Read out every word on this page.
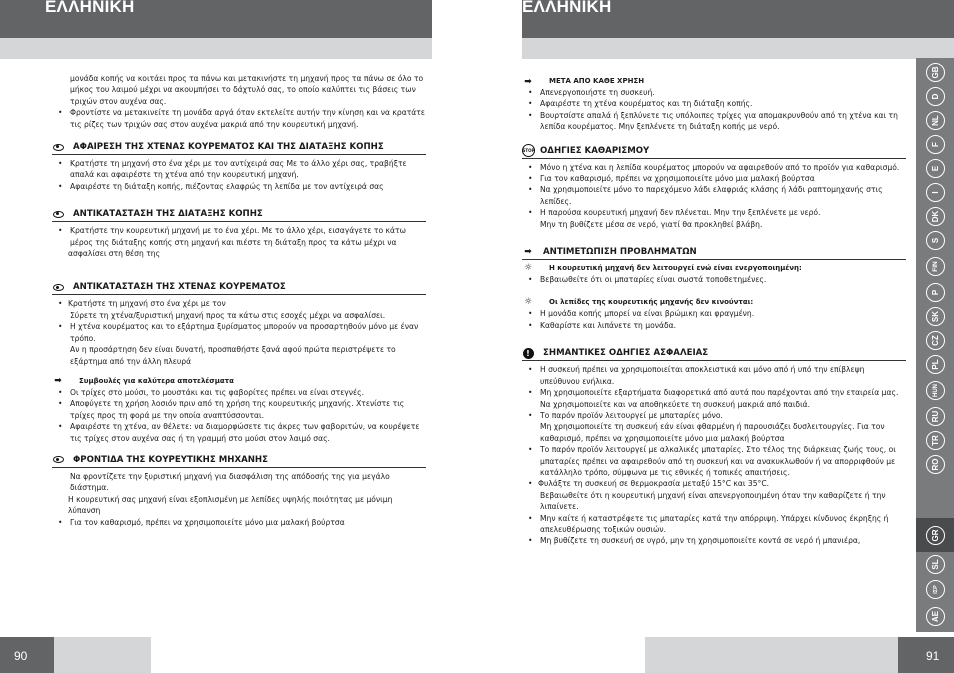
ΕΛΛΗΝΙΚΗ	ΕΛΛΗΝΙΚΗ

μονάδα κοπής να κοιτάει προς τα πάνω και μετακινήστε τη μηχανή προς τα πάνω σε όλο το μήκος του λαιμού μέχρι να ακουμπήσει το δάχτυλό σας, το οποίο καλύπτει τις βάσεις των τριχών στον αυχένα σας.

• Φροντίστε να μετακινείτε τη μονάδα αργά όταν εκτελείτε αυτήν την κίνηση και να κρατάτε τις ρίζες των τριχών σας στον αυχένα μακριά από την κουρευτική μηχανή.

ΑΦΑΙΡΕΣΗ ΤΗΣ ΧΤΕΝΑΣ ΚΟΥΡΕΜΑΤΟΣ ΚΑΙ ΤΗΣ ΔΙΑΤΑΞΗΣ ΚΟΠΗΣ

• Κρατήστε τη μηχανή στο ένα χέρι με τον αντίχειρά σας Με το άλλο χέρι σας, τραβήξτε απαλά και αφαιρέστε τη χτένα από την κουρευτική μηχανή.

• Αφαιρέστε τη διάταξη κοπής, πιέζοντας ελαφρώς τη λεπίδα με τον αντίχειρά σας

ΑΝΤΙΚΑΤΑΣΤΑΣΗ ΤΗΣ ΔΙΑΤΑΞΗΣ ΚΟΠΗΣ

• Κρατήστε την κουρευτική μηχανή με το ένα χέρι. Με το άλλο χέρι, εισαγάγετε το κάτω μέρος της διάταξης κοπής στη μηχανή και πιέστε τη διάταξη προς τα κάτω μέχρι να

ασφαλίσει στη θέση της

ΑΝΤΙΚΑΤΑΣΤΑΣΗ ΤΗΣ ΧΤΕΝΑΣ ΚΟΥΡΕΜΑΤΟΣ

• Κρατήστε τη μηχανή στο ένα χέρι με τον

Σύρετε τη χτένα/ξυριστική μηχανή προς τα κάτω στις εσοχές μέχρι να ασφαλίσει.

• Η χτένα κουρέματος και το εξάρτημα ξυρίσματος μπορούν να προσαρτηθούν μόνο με έναν τρόπο.

Αν η προσάρτηση δεν είναι δυνατή, προσπαθήστε ξανά αφού πρώτα περιστρέψετε το εξάρτημα από την άλλη πλευρά

➡	Συμβουλές για καλύτερα αποτελέσματα

• Οι τρίχες στο μούσι, το μουστάκι και τις φαβορίτες πρέπει να είναι στεγνές.

• Αποφύγετε τη χρήση λοσιόν πριν από τη χρήση της κουρευτικής μηχανής. Χτενίστε τις τρίχες προς τη φορά με την οποία αναπτύσσονται.

• Αφαιρέστε τη χτένα, αν θέλετε: να διαμορφώσετε τις άκρες των φαβοριτών, να κουρέψετε τις τρίχες στον αυχένα σας ή τη γραμμή στο μούσι στον λαιμό σας.

ΦΡΟΝΤΙΔΑ ΤΗΣ ΚΟΥΡΕΥΤΙΚΗΣ ΜΗΧΑΝΗΣ

Να φροντίζετε την ξυριστική μηχανή για διασφάλιση της απόδοσής της για μεγάλο διάστημα.

Η κουρευτική σας μηχανή είναι εξοπλισμένη με λεπίδες υψηλής ποιότητας με μόνιμη λύπανση

• Για τον καθαρισμό, πρέπει να χρησιμοποιείτε μόνο μια μαλακή βούρτσα

➡	ΜΕΤΑ ΑΠΟ ΚΑΘΕ ΧΡΗΣΗ

• Απενεργοποιήστε τη συσκευή.

• Αφαιρέστε τη χτένα κουρέματος και τη διάταξη κοπής.

• Βουρτσίστε απαλά ή ξεπλύνετε τις υπόλοιπες τρίχες για απομακρυνθούν από τη χτένα και τη λεπίδα κουρέματος. Μην ξεπλένετε τη διάταξη κοπής με νερό.

STOP ΟΔΗΓΙΕΣ ΚΑΘΑΡΙΣΜΟΥ

• Μόνο η χτένα και η λεπίδα κουρέματος μπορούν να αφαιρεθούν από το προϊόν για καθαρισμό.

• Για τον καθαρισμό, πρέπει να χρησιμοποιείτε μόνο μια μαλακή βούρτσα

• Να χρησιμοποιείτε μόνο το παρεχόμενο λάδι ελαφριάς κλάσης ή λάδι ραπτομηχανής στις λεπίδες.

• Η παρούσα κουρευτική μηχανή δεν πλένεται. Μην την ξεπλένετε με νερό.

Μην τη βυθίζετε μέσα σε νερό, γιατί θα προκληθεί βλάβη.

➡ ΑΝΤΙΜΕΤΩΠΙΣΗ ΠΡΟΒΛΗΜΑΤΩΝ
☼ Η κουρευτική μηχανή δεν λειτουργεί ενώ είναι ενεργοποιημένη:

• Βεβαιωθείτε ότι οι μπαταρίες είναι σωστά τοποθετημένες.

☼ Οι λεπίδες της κουρευτικής μηχανής δεν κινούνται:

• Η μονάδα κοπής μπορεί να είναι βρώμικη και φραγμένη.

• Καθαρίστε και λιπάνετε τη μονάδα.

!	ΣΗΜΑΝΤΙΚΕΣ ΟΔΗΓΙΕΣ ΑΣΦΑΛΕΙΑΣ

• Η συσκευή πρέπει να χρησιμοποιείται αποκλειστικά και μόνο από ή υπό την επίβλεψη υπεύθυνου ενήλικα.

• Μη χρησιμοποιείτε εξαρτήματα διαφορετικά από αυτά που παρέχονται από την εταιρεία μας.

Να χρησιμοποιείτε και να αποθηκεύετε τη συσκευή μακριά από παιδιά.

• Το παρόν προϊόν λειτουργεί με μπαταρίες μόνο.

Μη χρησιμοποιείτε τη συσκευή εάν είναι φθαρμένη ή παρουσιάζει δυσλειτουργίες. Για τον καθαρισμό, πρέπει να χρησιμοποιείτε μόνο μια μαλακή βούρτσα

• Το παρόν προϊόν λειτουργεί με αλκαλικές μπαταρίες. Στο τέλος της διάρκειας ζωής τους, οι μπαταρίες πρέπει να αφαιρεθούν από τη συσκευή και να ανακυκλωθούν ή να απορριφθούν με κατάλληλο τρόπο, σύμφωνα με τις εθνικές ή τοπικές απαιτήσεις.

• Φυλάξτε τη συσκευή σε θερμοκρασία μεταξύ 15°C και 35°C.

Βεβαιωθείτε ότι η κουρευτική μηχανή είναι απενεργοποιημένη όταν την καθαρίζετε ή την λιπαίνετε.

• Μην καίτε ή καταστρέφετε τις μπαταρίες κατά την απόρριψη. Υπάρχει κίνδυνος έκρηξης ή απελευθέρωσης τοξικών ουσιών.

• Μη βυθίζετε τη συσκευή σε υγρό, μην τη χρησιμοποιείτε κοντά σε νερό ή μπανιέρα,

GB
D
NL
F
E
I
DK
S
FIN
P
SK
CZ
PL
HUN
RU
TR
RO
GR
SL
ΙΣΡ
AE
90	91
